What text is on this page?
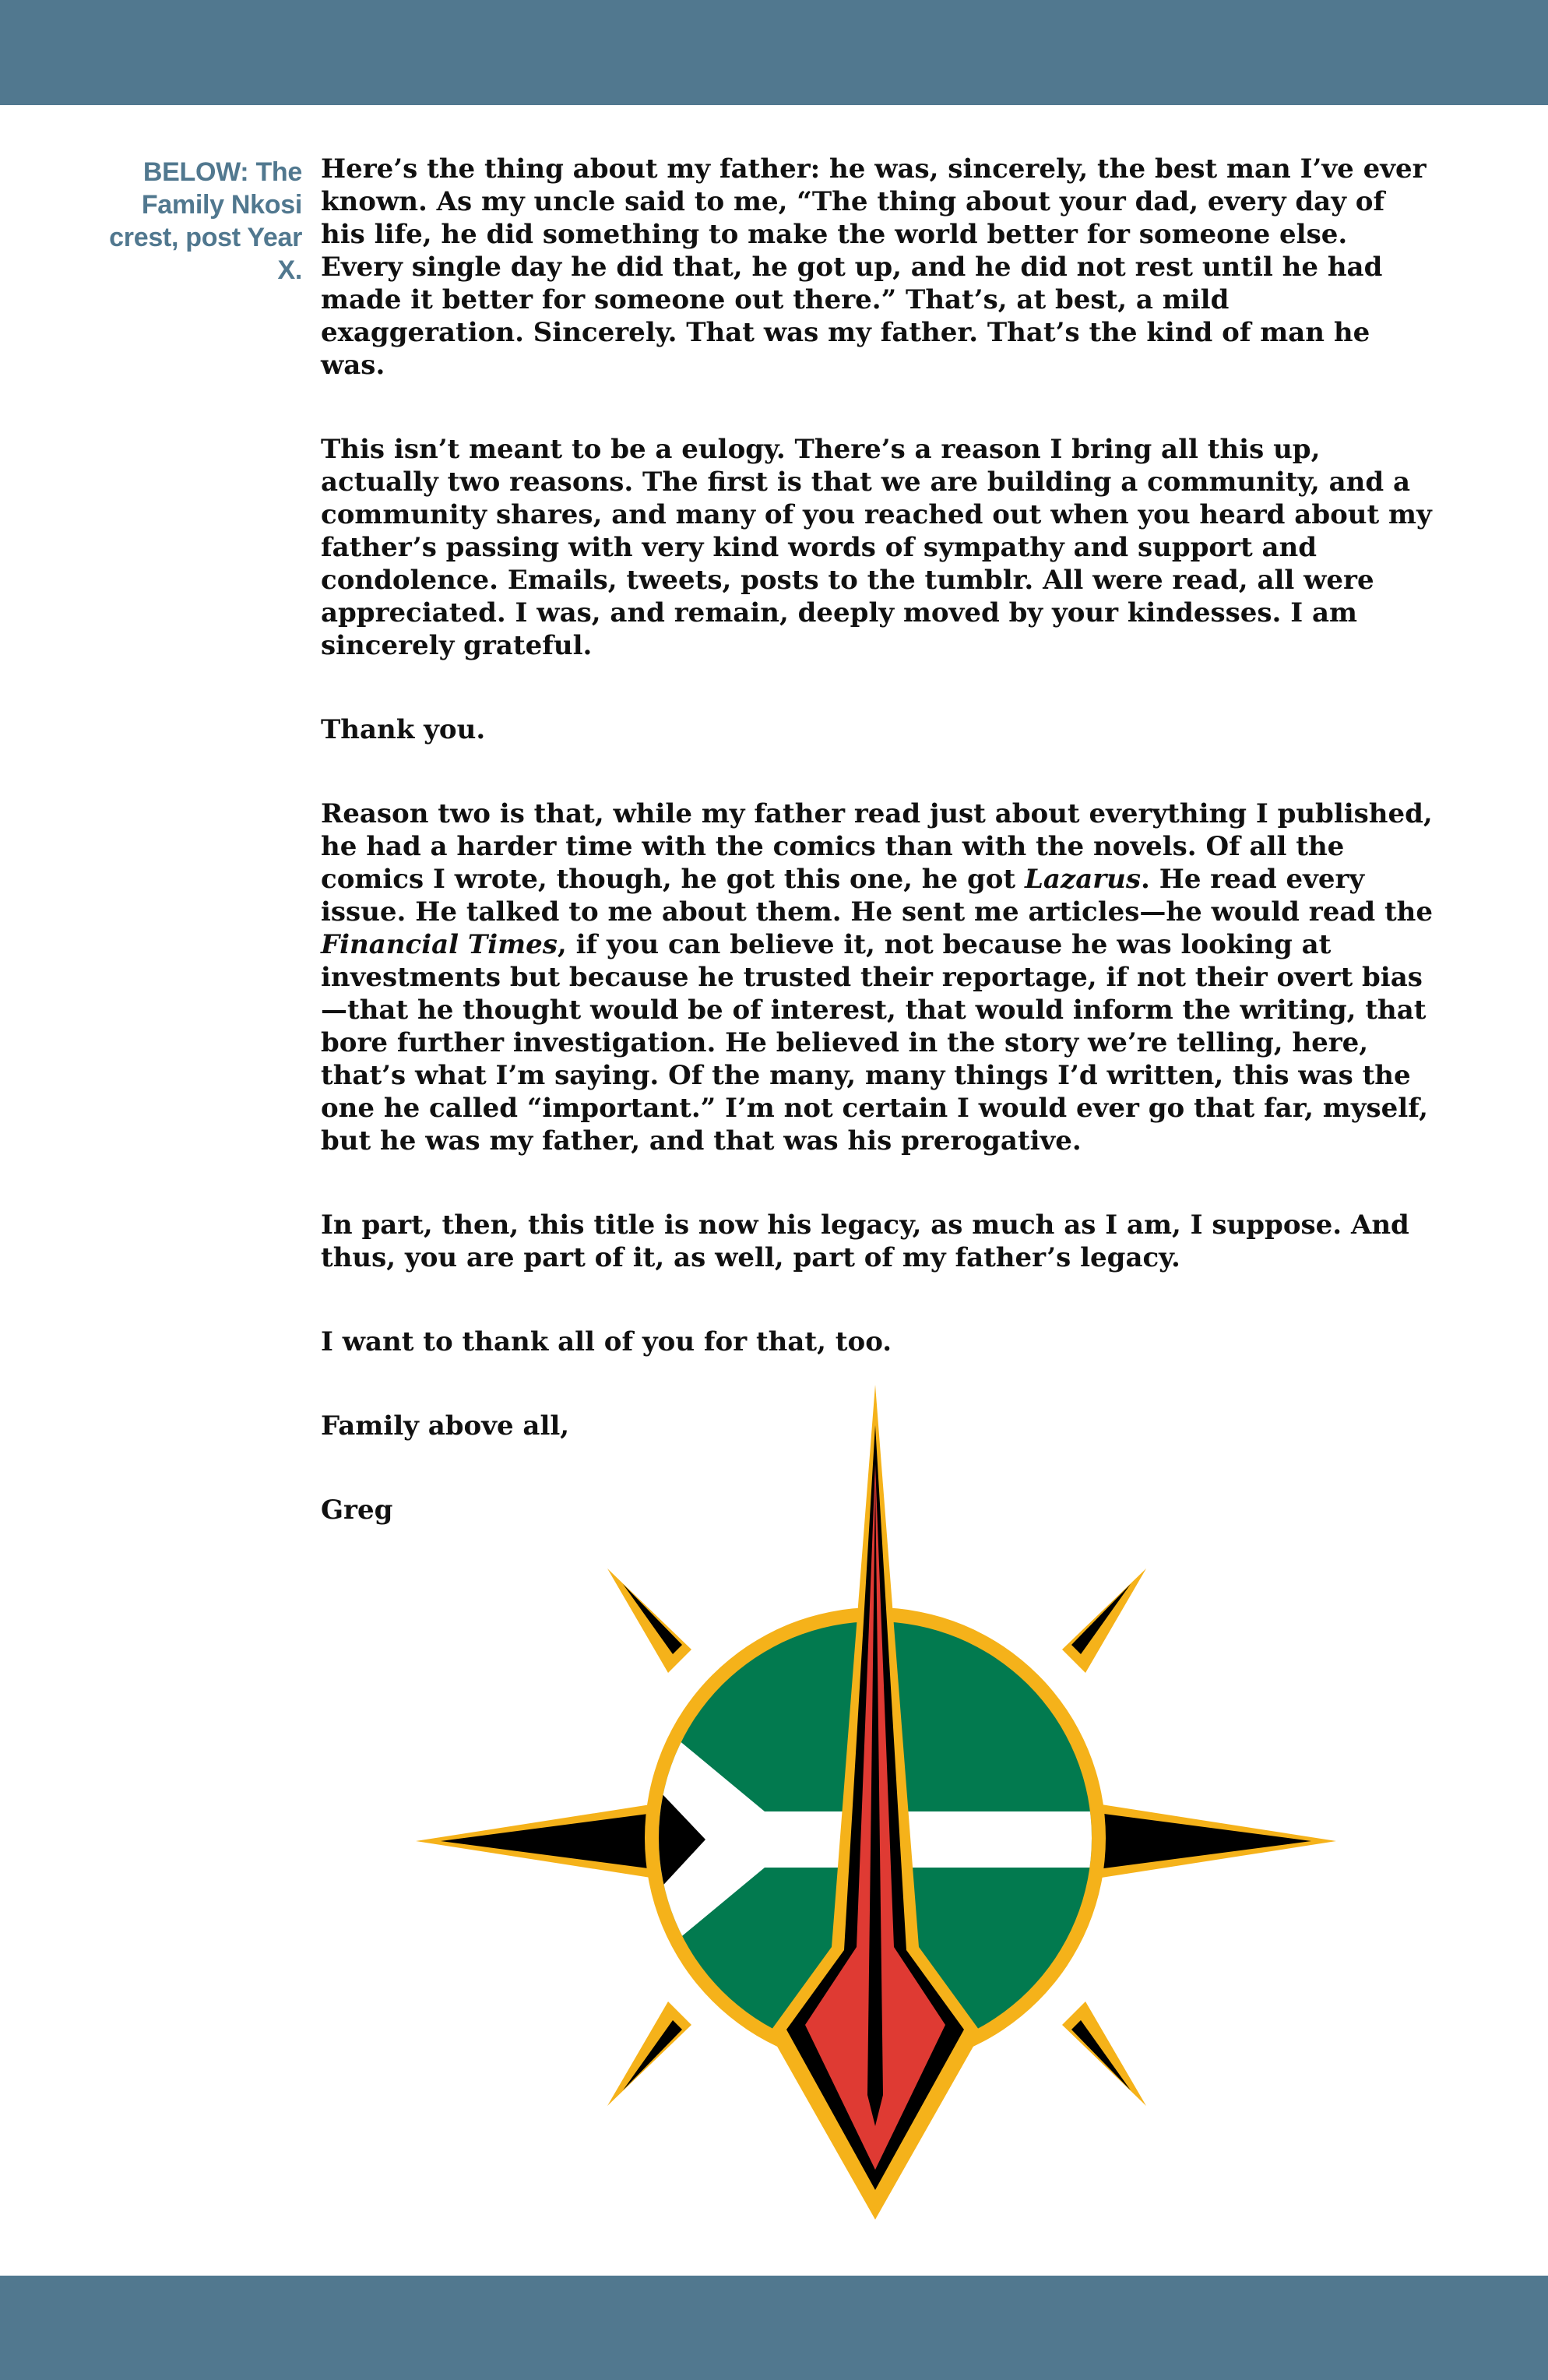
BELOW: The Family Nkosi crest, post Year X.

Here’s the thing about my father: he was, sincerely, the best man I’ve ever known. As my uncle said to me, “The thing about your dad, every day of his life, he did something to make the world better for someone else. Every single day he did that, he got up, and he did not rest until he had made it better for someone out there.” That’s, at best, a mild exaggeration. Sincerely. That was my father. That’s the kind of man he was.

This isn’t meant to be a eulogy. There’s a reason I bring all this up, actually two reasons. The first is that we are building a community, and a community shares, and many of you reached out when you heard about my father’s passing with very kind words of sympathy and support and condolence. Emails, tweets, posts to the tumblr. All were read, all were appreciated. I was, and remain, deeply moved by your kindesses. I am sincerely grateful.

Thank you.

Reason two is that, while my father read just about everything I published, he had a harder time with the comics than with the novels. Of all the comics I wrote, though, he got this one, he got Lazarus. He read every issue. He talked to me about them. He sent me articles—he would read the Financial Times, if you can believe it, not because he was looking at investments but because he trusted their reportage, if not their overt bias—that he thought would be of interest, that would inform the writing, that bore further investigation. He believed in the story we’re telling, here, that’s what I’m saying. Of the many, many things I’d written, this was the one he called “important.” I’m not certain I would ever go that far, myself, but he was my father, and that was his prerogative.

In part, then, this title is now his legacy, as much as I am, I suppose. And thus, you are part of it, as well, part of my father’s legacy.

I want to thank all of you for that, too.

Family above all,

Greg
